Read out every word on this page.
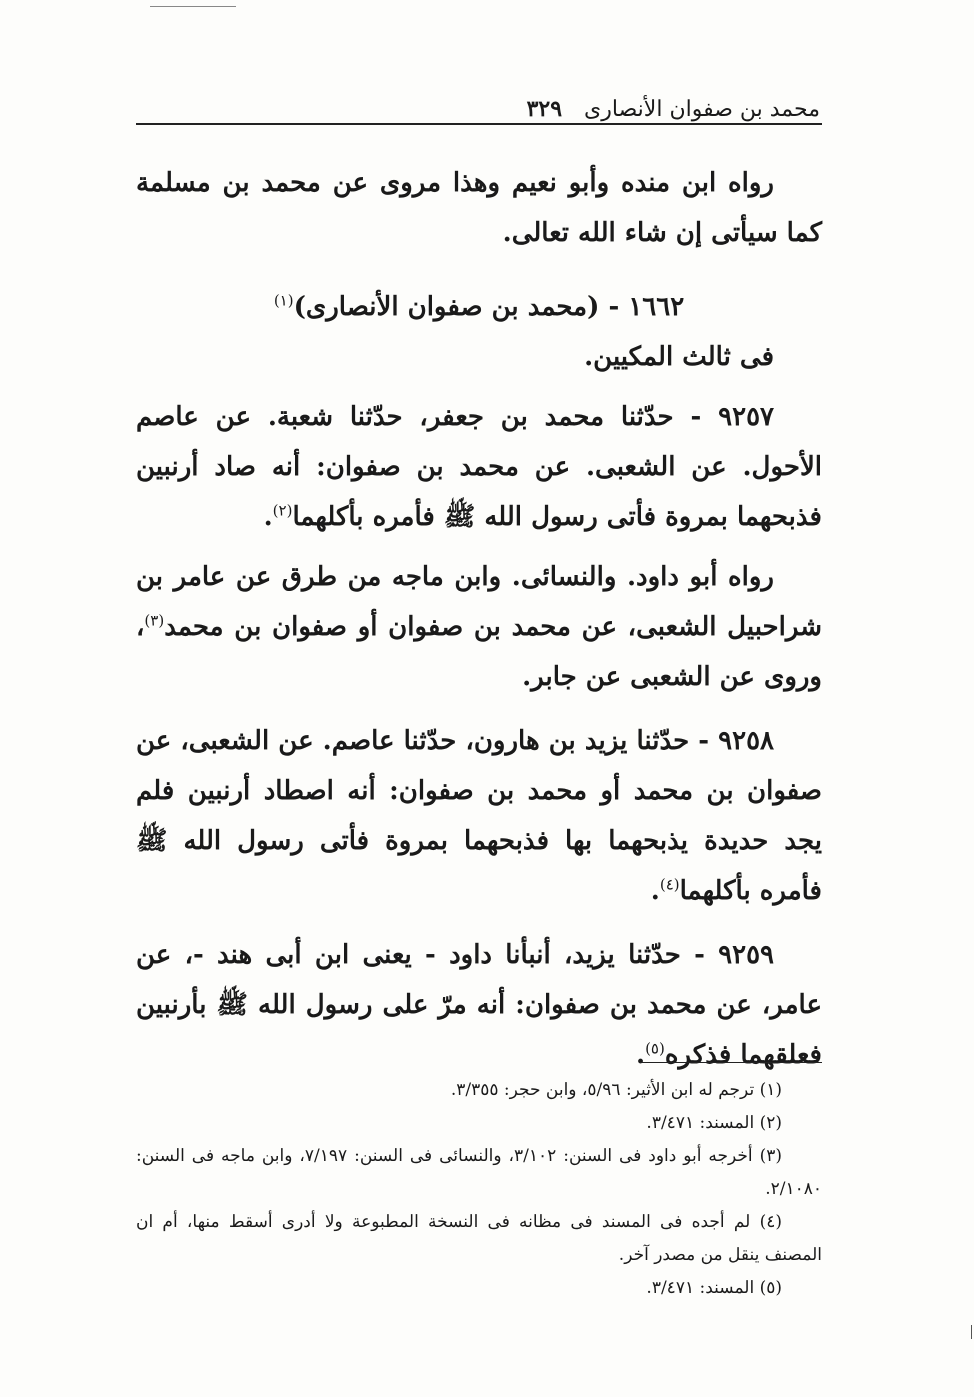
محمد بن صفوان الأنصارى
٣٢٩

رواه ابن منده وأبو نعيم وهذا مروى عن محمد بن مسلمة كما سيأتى إن شاء الله تعالى.

١٦٦٢ - (محمد بن صفوان الأنصارى)$^{(١)}$

فى ثالث المكيين.

٩٢٥٧ - حدّثنا محمد بن جعفر، حدّثنا شعبة. عن عاصم الأحول. عن الشعبى. عن محمد بن صفوان: أنه صاد أرنبين فذبحهما بمروة فأتى رسول الله ﷺ فأمره بأكلهما$^{(٢)}$.

رواه أبو داود. والنسائى. وابن ماجه من طرق عن عامر بن شراحبيل الشعبى، عن محمد بن صفوان أو صفوان بن محمد$^{(٣)}$، وروى عن الشعبى عن جابر.

٩٢٥٨ - حدّثنا يزيد بن هارون، حدّثنا عاصم. عن الشعبى، عن صفوان بن محمد أو محمد بن صفوان: أنه اصطاد أرنبين فلم يجد حديدة يذبحهما بها فذبحهما بمروة فأتى رسول الله ﷺ فأمره بأكلهما$^{(٤)}$.

٩٢٥٩ - حدّثنا يزيد، أنبأنا داود - يعنى ابن أبى هند -، عن عامر، عن محمد بن صفوان: أنه مرّ على رسول الله ﷺ بأرنبين فعلقهما فذكره$^{(٥)}$.

(١) ترجم له ابن الأثير: ٥/٩٦، وابن حجر: ٣/٣٥٥.

(٢) المسند: ٣/٤٧١.

(٣) أخرجه أبو داود فى السنن: ٣/١٠٢، والنسائى فى السنن: ٧/١٩٧، وابن ماجه فى السنن: ٢/١٠٨٠.

(٤) لم أجده فى المسند فى مظانه فى النسخة المطبوعة ولا أدرى أسقط منها، أم ان المصنف ينقل من مصدر آخر.

(٥) المسند: ٣/٤٧١.
